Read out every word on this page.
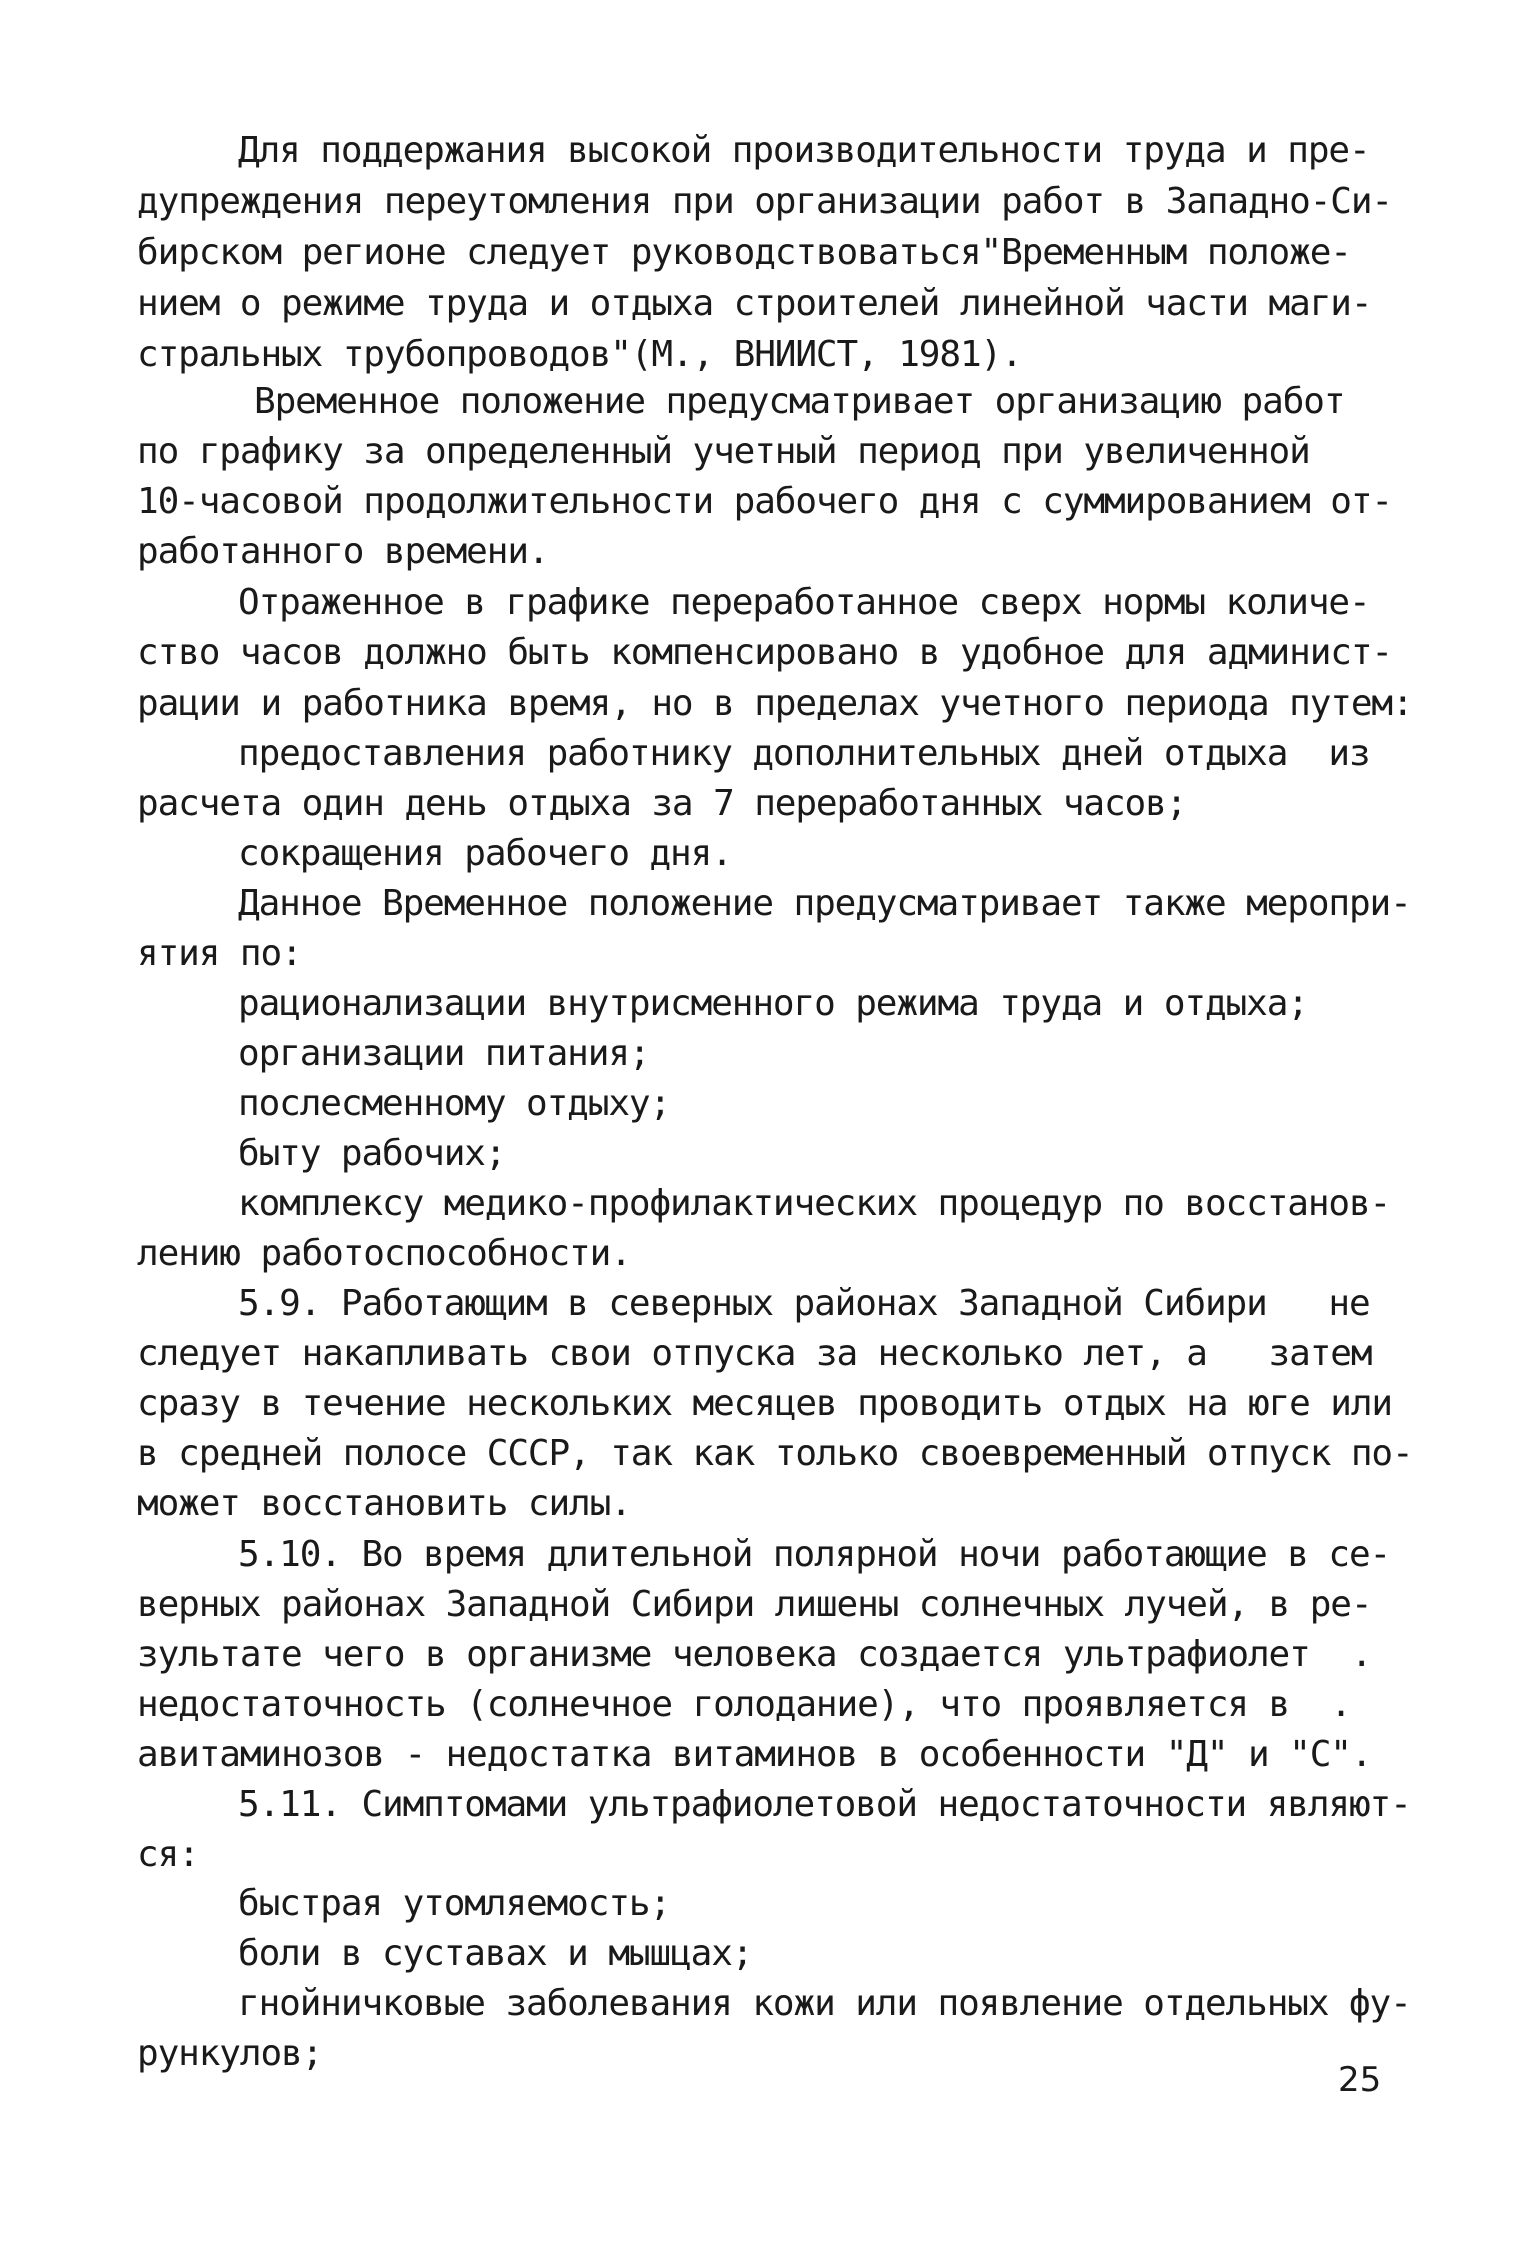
Для поддержания высокой производительности труда и пре-
дупреждения переутомления при организации работ в Западно-Си-
бирском регионе следует руководствоваться"Временным положе-
нием о режиме труда и отдыха строителей линейной части маги-
стральных трубопроводов"(М., ВНИИСТ, 1981).
Временное положение предусматривает организацию работ
по графику за определенный учетный период при увеличенной
10-часовой продолжительности рабочего дня с суммированием от-
работанного времени.
Отраженное в графике переработанное сверх нормы количе-
ство часов должно быть компенсировано в удобное для админист-
рации и работника время, но в пределах учетного периода путем:
предоставления работнику дополнительных дней отдыха  из
расчета один день отдыха за 7 переработанных часов;
сокращения рабочего дня.
Данное Временное положение предусматривает также меропри-
ятия по:
рационализации внутрисменного режима труда и отдыха;
организации питания;
послесменному отдыху;
быту рабочих;
комплексу медико-профилактических процедур по восстанов-
лению работоспособности.
5.9. Работающим в северных районах Западной Сибири   не
следует накапливать свои отпуска за несколько лет, а   затем
сразу в течение нескольких месяцев проводить отдых на юге или
в средней полосе СССР, так как только своевременный отпуск по-
может восстановить силы.
5.10. Во время длительной полярной ночи работающие в се-
верных районах Западной Сибири лишены солнечных лучей, в ре-
зультате чего в организме человека создается ультрафиолет  .
недостаточность (солнечное голодание), что проявляется в  .
авитаминозов - недостатка витаминов в особенности "Д" и "С".
5.11. Симптомами ультрафиолетовой недостаточности являют-
ся:
быстрая утомляемость;
боли в суставах и мышцах;
гнойничковые заболевания кожи или появление отдельных фу-
рункулов;
25
